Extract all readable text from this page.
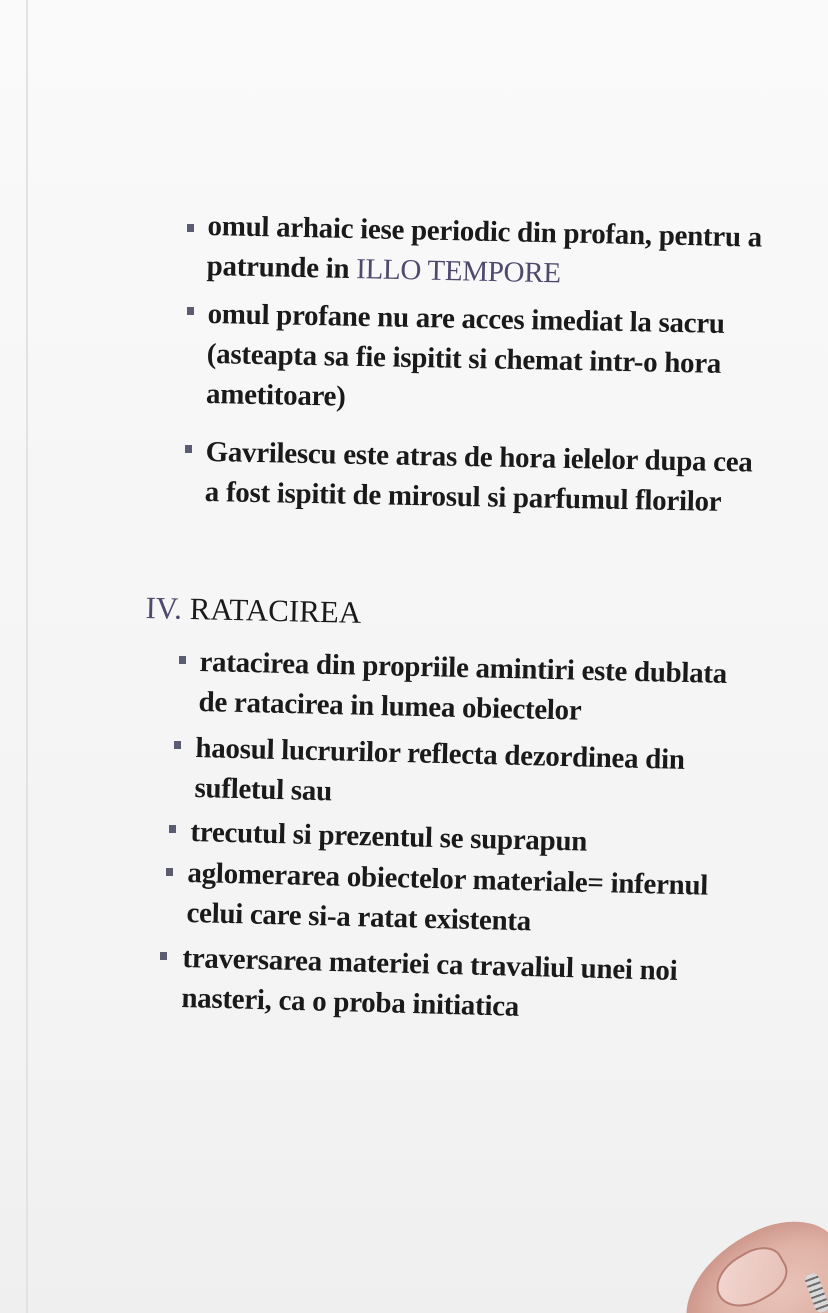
omul arhaic iese periodic din profan, pentru a
patrunde in ILLO TEMPORE
omul profane nu are acces imediat la sacru
(asteapta sa fie ispitit si chemat intr-o hora
ametitoare)
Gavrilescu este atras de hora ielelor dupa cea
a fost ispitit de mirosul si parfumul florilor
IV. RATACIREA
ratacirea din propriile amintiri este dublata
de ratacirea in lumea obiectelor
haosul lucrurilor reflecta dezordinea din
sufletul sau
trecutul si prezentul se suprapun
aglomerarea obiectelor materiale= infernul
celui care si-a ratat existenta
traversarea materiei ca travaliul unei noi
nasteri, ca o proba initiatica
